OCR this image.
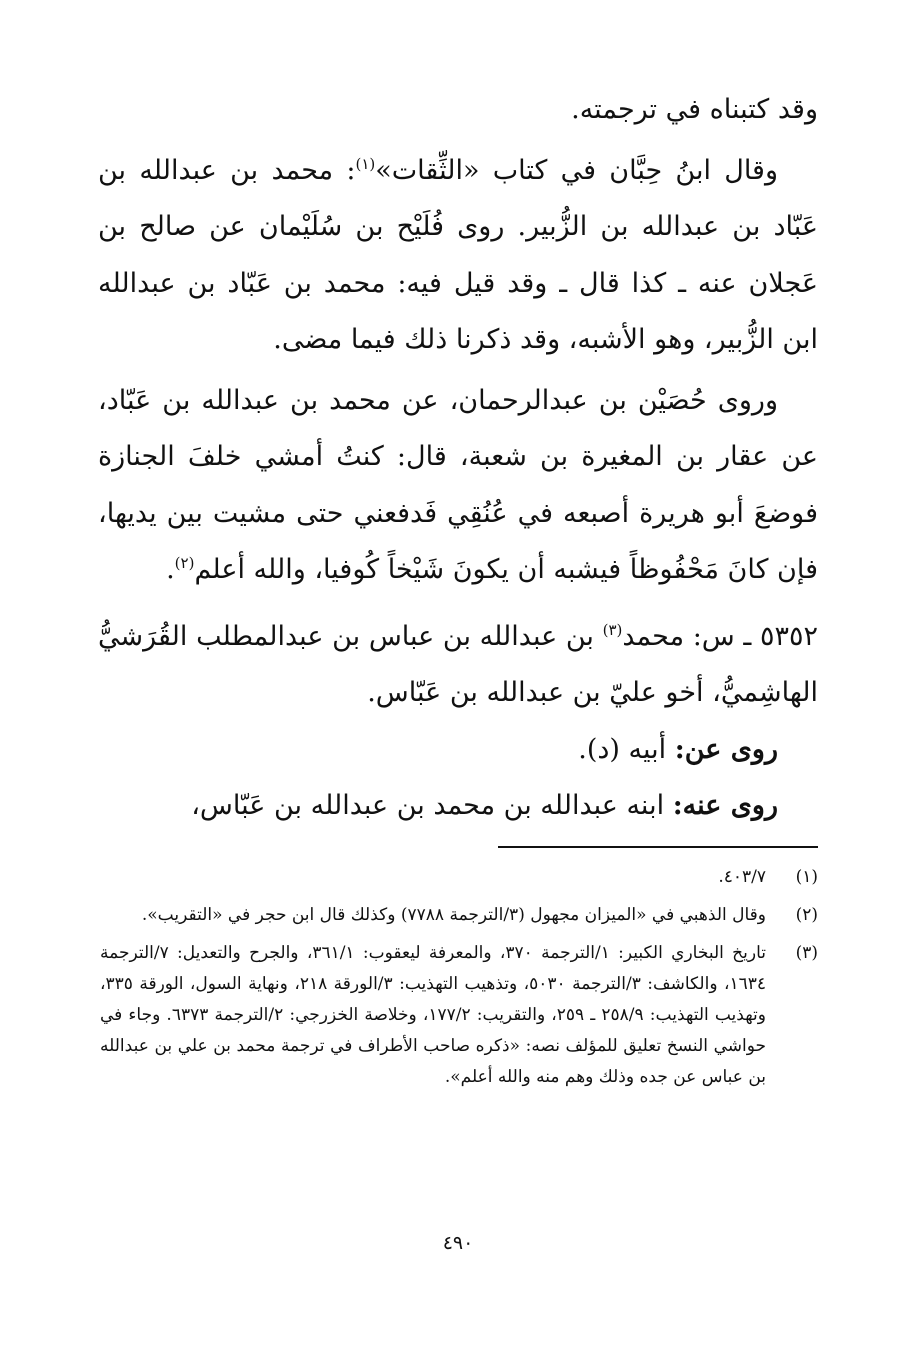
وقد كتبناه في ترجمته.

وقال ابنُ حِبَّان في كتاب «الثِّقات»$^{(١)}$: محمد بن عبدالله بن عَبّاد بن عبدالله بن الزُّبير. روى فُلَيْح بن سُلَيْمان عن صالح بن عَجلان عنه ـ كذا قال ـ وقد قيل فيه: محمد بن عَبّاد بن عبدالله ابن الزُّبير، وهو الأشبه، وقد ذكرنا ذلك فيما مضى.

وروى حُصَيْن بن عبدالرحمان، عن محمد بن عبدالله بن عَبّاد، عن عقار بن المغيرة بن شعبة، قال: كنتُ أمشي خلفَ الجنازة فوضعَ أبو هريرة أصبعه في عُنُقِي فَدفعني حتى مشيت بين يديها، فإن كانَ مَحْفُوظاً فيشبه أن يكونَ شَيْخاً كُوفيا، والله أعلم$^{(٢)}$.

٥٣٥٢ ـ س: محمد$^{(٣)}$ بن عبدالله بن عباس بن عبدالمطلب القُرَشيُّ الهاشِميُّ، أخو عليّ بن عبدالله بن عَبّاس.

روى عن: أبيه (د).

روى عنه: ابنه عبدالله بن محمد بن عبدالله بن عَبّاس،

(١)
٤٠٣/٧.
(٢)
وقال الذهبي في «الميزان مجهول (٣/الترجمة ٧٧٨٨) وكذلك قال ابن حجر في «التقريب».
(٣)
تاريخ البخاري الكبير: ١/الترجمة ٣٧٠، والمعرفة ليعقوب: ٣٦١/١، والجرح والتعديل: ٧/الترجمة ١٦٣٤، والكاشف: ٣/الترجمة ٥٠٣٠، وتذهيب التهذيب: ٣/الورقة ٢١٨، ونهاية السول، الورقة ٣٣٥، وتهذيب التهذيب: ٢٥٨/٩ ـ ٢٥٩، والتقريب: ١٧٧/٢، وخلاصة الخزرجي: ٢/الترجمة ٦٣٧٣. وجاء في حواشي النسخ تعليق للمؤلف نصه: «ذكره صاحب الأطراف في ترجمة محمد بن علي بن عبدالله بن عباس عن جده وذلك وهم منه والله أعلم».
٤٩٠
